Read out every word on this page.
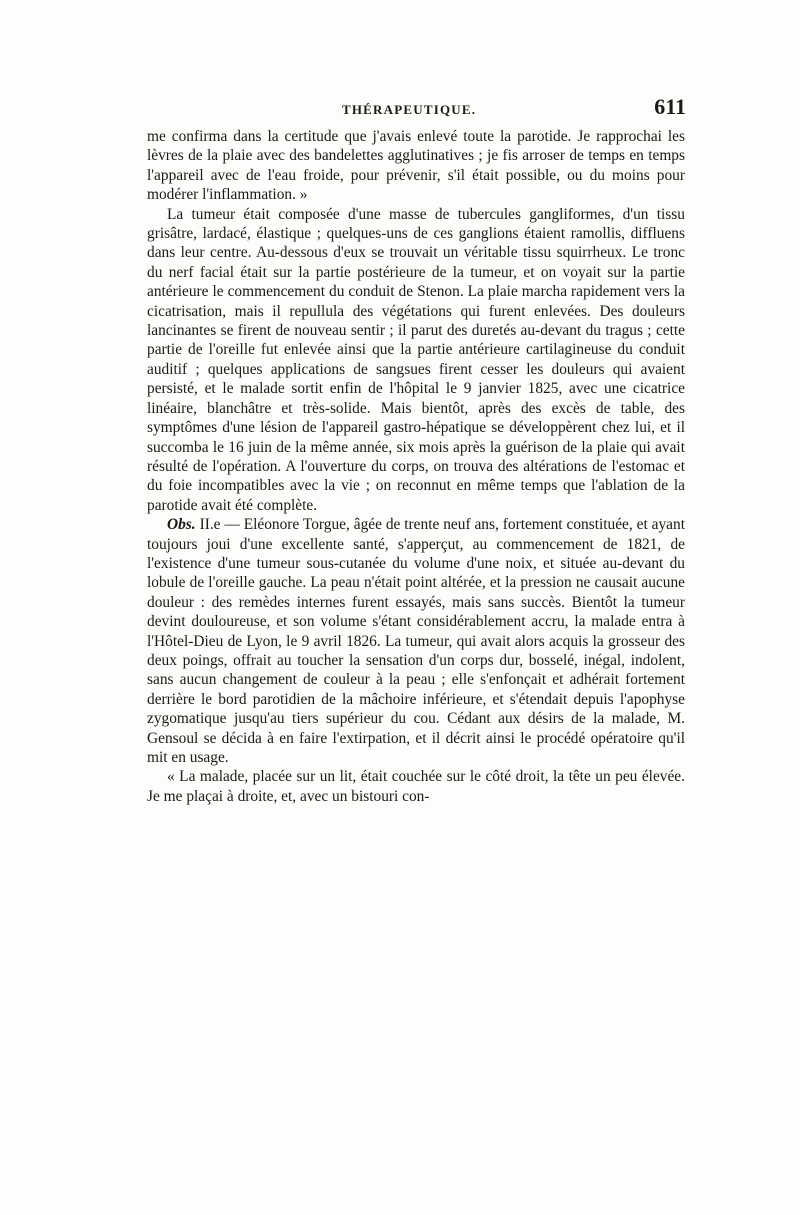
THÉRAPEUTIQUE.	611

me confirma dans la certitude que j'avais enlevé toute la parotide. Je rapprochai les lèvres de la plaie avec des bandelettes agglutinatives ; je fis arroser de temps en temps l'appareil avec de l'eau froide, pour prévenir, s'il était possible, ou du moins pour modérer l'inflammation. »

La tumeur était composée d'une masse de tubercules gangliformes, d'un tissu grisâtre, lardacé, élastique ; quelques-uns de ces ganglions étaient ramollis, diffluens dans leur centre. Au-dessous d'eux se trouvait un véritable tissu squirrheux. Le tronc du nerf facial était sur la partie postérieure de la tumeur, et on voyait sur la partie antérieure le commencement du conduit de Stenon. La plaie marcha rapidement vers la cicatrisation, mais il repullula des végétations qui furent enlevées. Des douleurs lancinantes se firent de nouveau sentir ; il parut des duretés au-devant du tragus ; cette partie de l'oreille fut enlevée ainsi que la partie antérieure cartilagineuse du conduit auditif ; quelques applications de sangsues firent cesser les douleurs qui avaient persisté, et le malade sortit enfin de l'hôpital le 9 janvier 1825, avec une cicatrice linéaire, blanchâtre et très-solide. Mais bientôt, après des excès de table, des symptômes d'une lésion de l'appareil gastro-hépatique se développèrent chez lui, et il succomba le 16 juin de la même année, six mois après la guérison de la plaie qui avait résulté de l'opération. A l'ouverture du corps, on trouva des altérations de l'estomac et du foie incompatibles avec la vie ; on reconnut en même temps que l'ablation de la parotide avait été complète.

Obs. II.e — Eléonore Torgue, âgée de trente neuf ans, fortement constituée, et ayant toujours joui d'une excellente santé, s'apperçut, au commencement de 1821, de l'existence d'une tumeur sous-cutanée du volume d'une noix, et située au-devant du lobule de l'oreille gauche. La peau n'était point altérée, et la pression ne causait aucune douleur : des remèdes internes furent essayés, mais sans succès. Bientôt la tumeur devint douloureuse, et son volume s'étant considérablement accru, la malade entra à l'Hôtel-Dieu de Lyon, le 9 avril 1826. La tumeur, qui avait alors acquis la grosseur des deux poings, offrait au toucher la sensation d'un corps dur, bosselé, inégal, indolent, sans aucun changement de couleur à la peau ; elle s'enfonçait et adhérait fortement derrière le bord parotidien de la mâchoire inférieure, et s'étendait depuis l'apophyse zygomatique jusqu'au tiers supérieur du cou. Cédant aux désirs de la malade, M. Gensoul se décida à en faire l'extirpation, et il décrit ainsi le procédé opératoire qu'il mit en usage.

« La malade, placée sur un lit, était couchée sur le côté droit, la tête un peu élevée. Je me plaçai à droite, et, avec un bistouri con-
